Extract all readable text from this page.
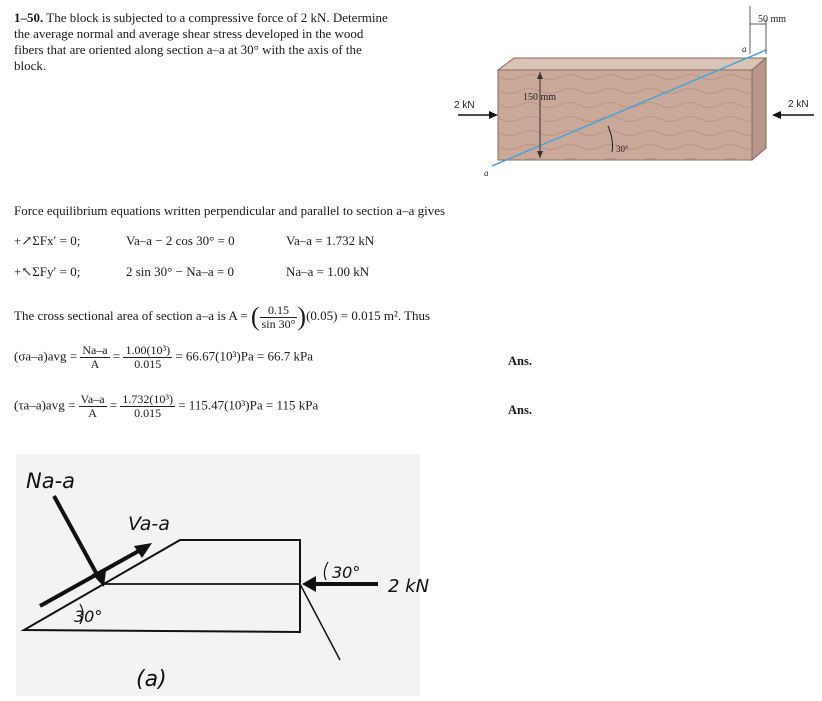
1–50. The block is subjected to a compressive force of 2 kN. Determine the average normal and average shear stress developed in the wood fibers that are oriented along section a–a at 30° with the axis of the block.
150 mm
30°
50 mm
a
a
2 kN	2 kN
Force equilibrium equations written perpendicular and parallel to section a–a gives
+↗ΣFx′ = 0;	Va–a − 2 cos 30° = 0	Va–a = 1.732 kN
+↖ΣFy′ = 0;	2 sin 30° − Na–a = 0	Na–a = 1.00 kN
The cross sectional area of section a–a is A = ( $\frac{0.15}{\sin 30^\circ} )(0.05) = 0.015$ m². Thus
$(\sigma a-a)avg = \frac{Na-a}{A} = \frac{\text{1.00(10³)}}{0.015} = 66.67(10^3)Pa = 66.7$ kPa	Ans.
$(\tau a-a)avg = \frac{Va-a}{A} = \frac{\text{1.732(10³)}}{0.015} = 115.47(10^3)Pa = 115$ kPa	Ans.
Na-a
Va-a
30°
2 kN
30°
(a)
